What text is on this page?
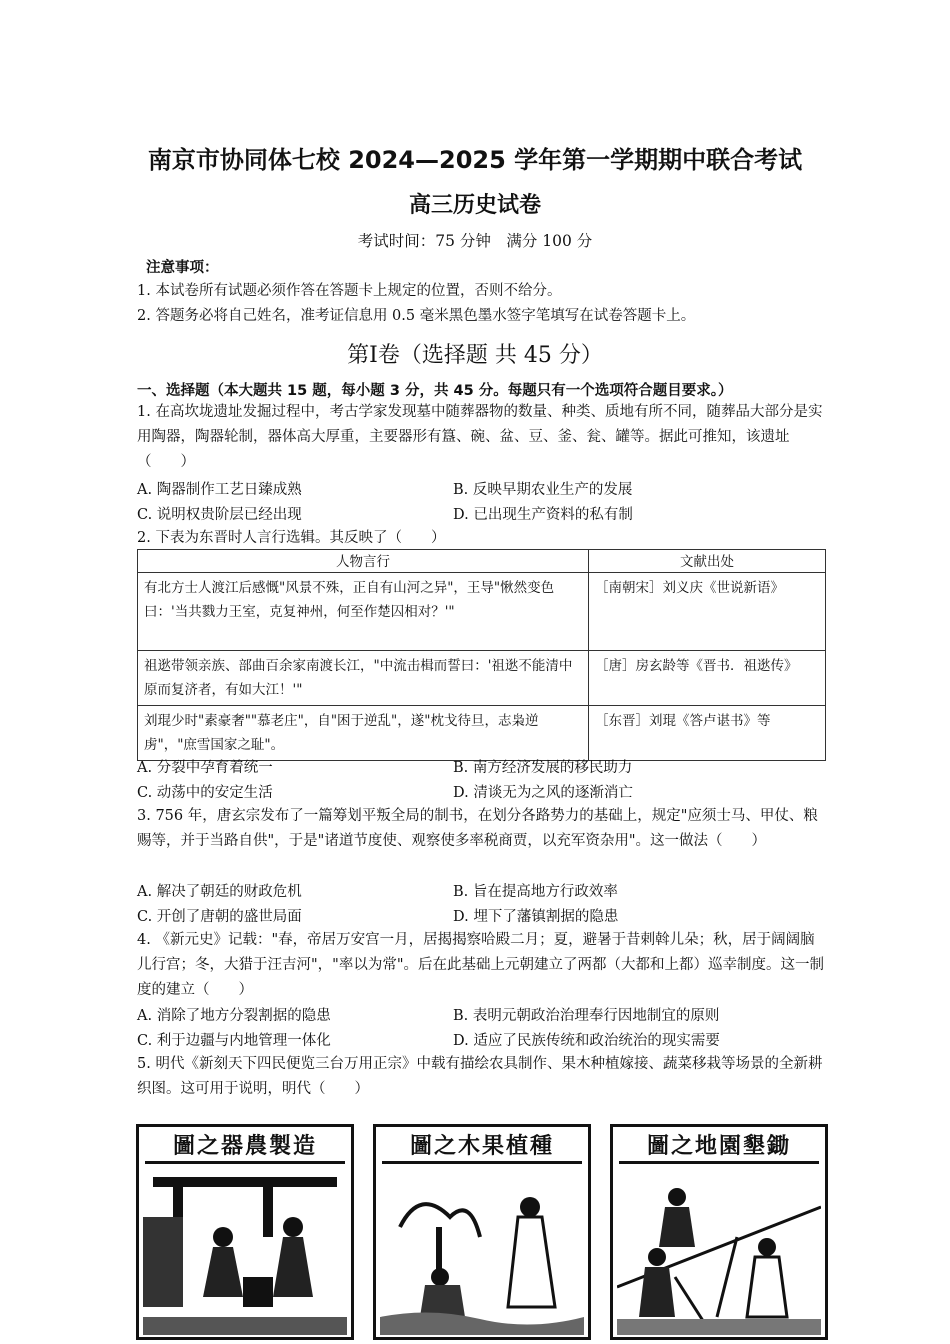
南京市协同体七校 2024—2025 学年第一学期期中联合考试
高三历史试卷
考试时间：75 分钟　满分 100 分
注意事项：
1. 本试卷所有试题必须作答在答题卡上规定的位置，否则不给分。
2. 答题务必将自己姓名，准考证信息用 0.5 毫米黑色墨水签字笔填写在试卷答题卡上。
第Ⅰ卷（选择题 共 45 分）
一、选择题（本大题共 15 题，每小题 3 分，共 45 分。每题只有一个选项符合题目要求。）
1. 在高坎垅遗址发掘过程中，考古学家发现墓中随葬器物的数量、种类、质地有所不同，随葬品大部分是实用陶器，陶器轮制，器体高大厚重，主要器形有簋、碗、盆、豆、釜、瓮、罐等。据此可推知，该遗址（　　）
A. 陶器制作工艺日臻成熟	B. 反映早期农业生产的发展
C. 说明权贵阶层已经出现	D. 已出现生产资料的私有制
2. 下表为东晋时人言行选辑。其反映了（　　）
人物言行	文献出处
有北方士人渡江后感慨"风景不殊，正自有山河之异"，王导"愀然变色曰：'当共戮力王室，克复神州，何至作楚囚相对？'"	［南朝宋］刘义庆《世说新语》
祖逖带领亲族、部曲百余家南渡长江，"中流击楫而誓曰：'祖逖不能清中原而复济者，有如大江！'"	［唐］房玄龄等《晋书．祖逖传》
刘琨少时"素豪奢""慕老庄"，自"困于逆乱"，遂"枕戈待旦，志枭逆虏"，"庶雪国家之耻"。	［东晋］刘琨《答卢谌书》等
A. 分裂中孕育着统一	B. 南方经济发展的移民助力
C. 动荡中的安定生活	D. 清谈无为之风的逐渐消亡
3. 756 年，唐玄宗发布了一篇筹划平叛全局的制书，在划分各路势力的基础上，规定"应须士马、甲仗、粮赐等，并于当路自供"，于是"诸道节度使、观察使多率税商贾，以充军资杂用"。这一做法（　　）
A. 解决了朝廷的财政危机	B. 旨在提高地方行政效率
C. 开创了唐朝的盛世局面	D. 埋下了藩镇割据的隐患
4. 《新元史》记载："春，帝居万安宫一月，居揭揭察哈殿二月；夏，避暑于昔剌斡儿朵；秋，居于阔阔脑儿行宫；冬，大猎于汪吉河"，"率以为常"。后在此基础上元朝建立了两都（大都和上都）巡幸制度。这一制度的建立（　　）
A. 消除了地方分裂割据的隐患	B. 表明元朝政治治理奉行因地制宜的原则
C. 利于边疆与内地管理一体化	D. 适应了民族传统和政治统治的现实需要
5. 明代《新刻天下四民便览三台万用正宗》中载有描绘农具制作、果木种植嫁接、蔬菜移栽等场景的全新耕织图。这可用于说明，明代（　　）
圖之器農製造	圖之木果植種	圖之地園墾鋤
